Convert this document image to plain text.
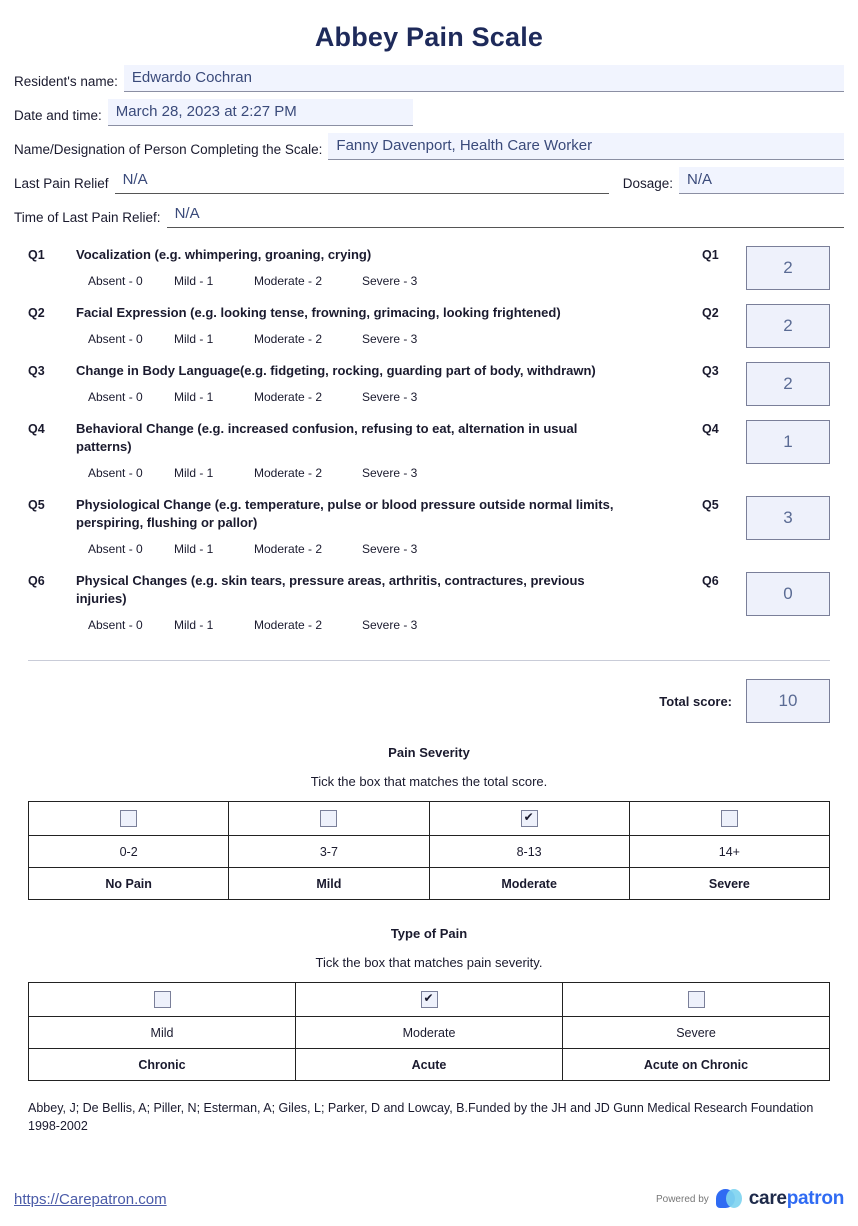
Abbey Pain Scale
Resident's name: Edwardo Cochran
Date and time: March 28, 2023 at 2:27 PM
Name/Designation of Person Completing the Scale: Fanny Davenport, Health Care Worker
Last Pain Relief N/A	Dosage: N/A
Time of Last Pain Relief: N/A
Q1	Vocalization (e.g. whimpering, groaning, crying)
Absent - 0	Mild - 1	Moderate - 2	Severe - 3
Q1
2
Q2	Facial Expression (e.g. looking tense, frowning, grimacing, looking frightened)
Absent - 0	Mild - 1	Moderate - 2	Severe - 3
Q2
2
Q3	Change in Body Language(e.g. fidgeting, rocking, guarding part of body, withdrawn)
Absent - 0	Mild - 1	Moderate - 2	Severe - 3
Q3
2
Q4	Behavioral Change (e.g. increased confusion, refusing to eat, alternation in usual patterns)
Absent - 0	Mild - 1	Moderate - 2	Severe - 3
Q4
1
Q5	Physiological Change (e.g. temperature, pulse or blood pressure outside normal limits, perspiring, flushing or pallor)
Absent - 0	Mild - 1	Moderate - 2	Severe - 3
Q5
3
Q6	Physical Changes (e.g. skin tears, pressure areas, arthritis, contractures, previous injuries)
Absent - 0	Mild - 1	Moderate - 2	Severe - 3
Q6
0
Total score:	10
Pain Severity
Tick the box that matches the total score.
		✔	
0-2	3-7	8-13	14+
No Pain	Mild	Moderate	Severe
Type of Pain
Tick the box that matches pain severity.
	✔	
Mild	Moderate	Severe
Chronic	Acute	Acute on Chronic
Abbey, J; De Bellis, A; Piller, N; Esterman, A; Giles, L; Parker, D and Lowcay, B.Funded by the JH and JD Gunn Medical Research Foundation 1998-2002
https://Carepatron.com	Powered by carepatron
